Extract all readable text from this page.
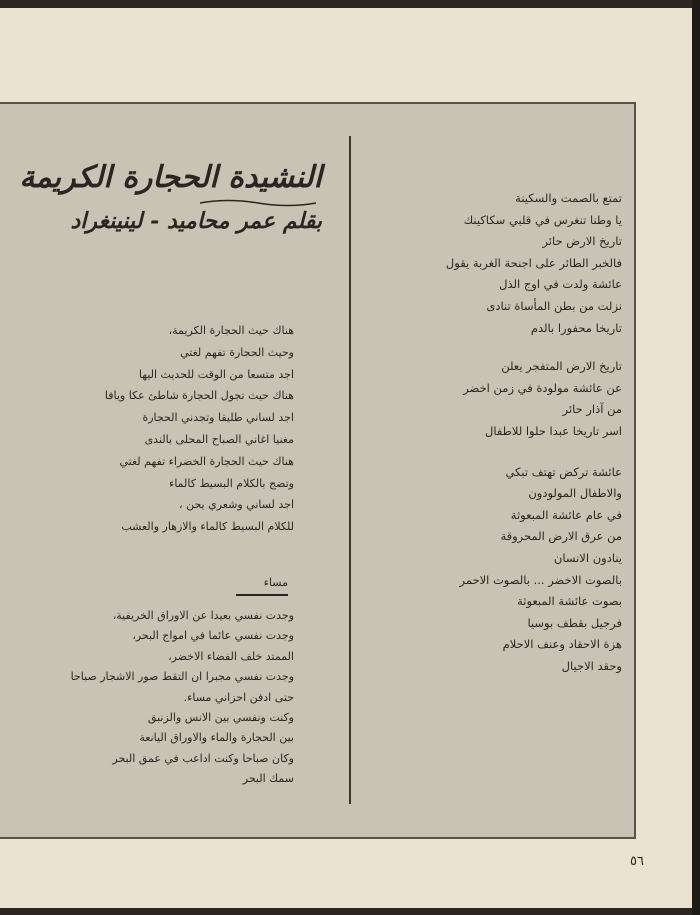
النشيدة الحجارة الكريمة
بقلم عمر محاميد - لينينغراد
تمتع بالصمت والسكينة
يا وطنا تنغرس في قلبي سكاكينك
تاريخ الارض حائر
فالخبر الطائر على اجنحة الغربة يقول
عائشة ولدت في اوج الذل
نزلت من بطن المأساة تنادى
تاريخا محفورا بالدم
تاريخ الارض المتفجر يعلن
عن عائشة مولودة في زمن اخضر
من آذار حائر
اسر تاريخا عبدا حلوا للاطفال
عائشة تركض تهتف تبكي
والاطفال المولودون
في عام عائشة المبعوثة
من عرق الارض المحروقة
ينادون الانسان
بالصوت الاخضر ... بالصوت الاحمر
بصوت عائشة المبعوثة
فرجيل بقطف بوسيا
هزة الاحقاد وعنف الاحلام
وحقد الاجيال
هناك حيث الحجارة الكريمة،
وحيث الحجارة تفهم لغتي
اجد متسعا من الوقت للحديث اليها
هناك حيث تجول الحجارة شاطئ عكا ويافا
اجد لساني طليقا وتجدني الحجارة
مغنيا اغاني الصباح المحلى بالندى
هناك حيث الحجارة الخضراء تفهم لغتي
وتضج بالكلام البسيط كالماء
اجد لساني وشعري يحن ،
للكلام البسيط كالماء والازهار والعشب
مساء
وجدت نفسي بعيدا عن الاوراق الخريفية،
وجدت نفسي عائما في امواج البحر،
الممتد خلف الفضاء الاخضر،
وجدت نفسي مجبرا ان التقط صور الاشجار صباحا
حتى ادفن احزاني مساء.
وكنت ونفسي بين الانس والزنبق
بين الحجارة والماء والاوراق اليانعة
وكان صباحا وكنت اداعب في عمق البحر
سمك البحر
٥٦
